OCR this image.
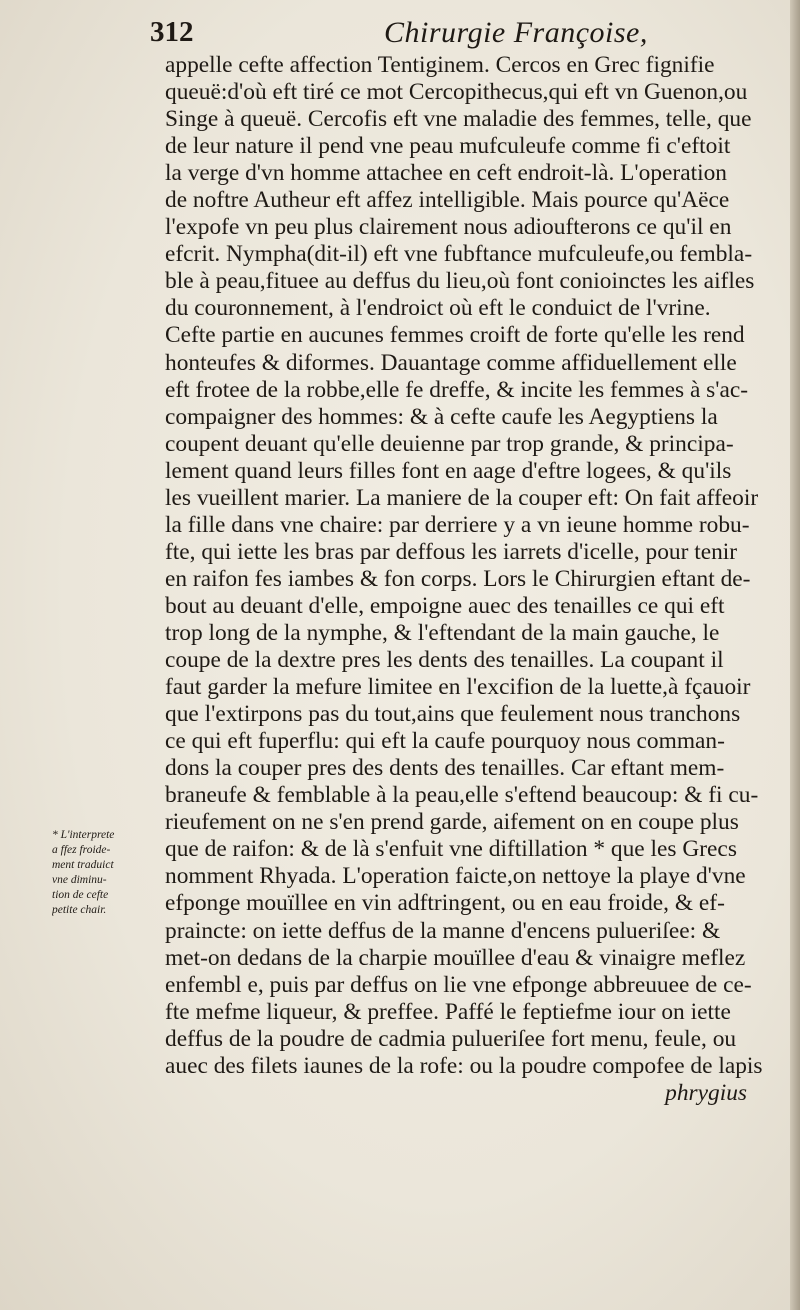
312	Chirurgie Françoise,
appelle cefte affection Tentiginem. Cercos en Grec fignifie
queuë:d'où eft tiré ce mot Cercopithecus,qui eft vn Guenon,ou
Singe à queuë. Cercofis eft vne maladie des femmes, telle, que
de leur nature il pend vne peau mufculeufe comme fi c'eftoit
la verge d'vn homme attachee en ceft endroit-là. L'operation
de noftre Autheur eft affez intelligible. Mais pource qu'Aëce
l'expofe vn peu plus clairement nous adioufterons ce qu'il en
efcrit. Nympha(dit-il) eft vne fubftance mufculeufe,ou fembla-
ble à peau,fituee au deffus du lieu,où font conioinctes les aifles
du couronnement, à l'endroict où eft le conduict de l'vrine.
Cefte partie en aucunes femmes croift de forte qu'elle les rend
honteufes & diformes. Dauantage comme affiduellement elle
eft frotee de la robbe,elle fe dreffe, & incite les femmes à s'ac-
compaigner des hommes: & à cefte caufe les Aegyptiens la
coupent deuant qu'elle deuienne par trop grande, & principa-
lement quand leurs filles font en aage d'eftre logees, & qu'ils
les vueillent marier. La maniere de la couper eft: On fait affeoir
la fille dans vne chaire: par derriere y a vn ieune homme robu-
fte, qui iette les bras par deffous les iarrets d'icelle, pour tenir
en raifon fes iambes & fon corps. Lors le Chirurgien eftant de-
bout au deuant d'elle, empoigne auec des tenailles ce qui eft
trop long de la nymphe, & l'eftendant de la main gauche, le
coupe de la dextre pres les dents des tenailles. La coupant il
faut garder la mefure limitee en l'excifion de la luette,à fçauoir
que l'extirpons pas du tout,ains que feulement nous tranchons
ce qui eft fuperflu: qui eft la caufe pourquoy nous comman-
dons la couper pres des dents des tenailles. Car eftant mem-
braneufe & femblable à la peau,elle s'eftend beaucoup: & fi cu-
rieufement on ne s'en prend garde, aifement on en coupe plus
que de raifon: & de là s'enfuit vne diftillation * que les Grecs
nomment Rhyada. L'operation faicte,on nettoye la playe d'vne
efponge mouïllee en vin adftringent, ou en eau froide, & ef-
praincte: on iette deffus de la manne d'encens pulueriſee: &
met-on dedans de la charpie mouïllee d'eau & vinaigre meflez
enfembl e, puis par deffus on lie vne efponge abbreuuee de ce-
fte mefme liqueur, & preffee. Paffé le feptiefme iour on iette
deffus de la poudre de cadmia pulueriſee fort menu, feule, ou
auec des filets iaunes de la rofe: ou la poudre compofee de lapis
phrygius
* L'interprete
a ffez froide-
ment traduict
vne diminu-
tion de cefte
petite chair.
